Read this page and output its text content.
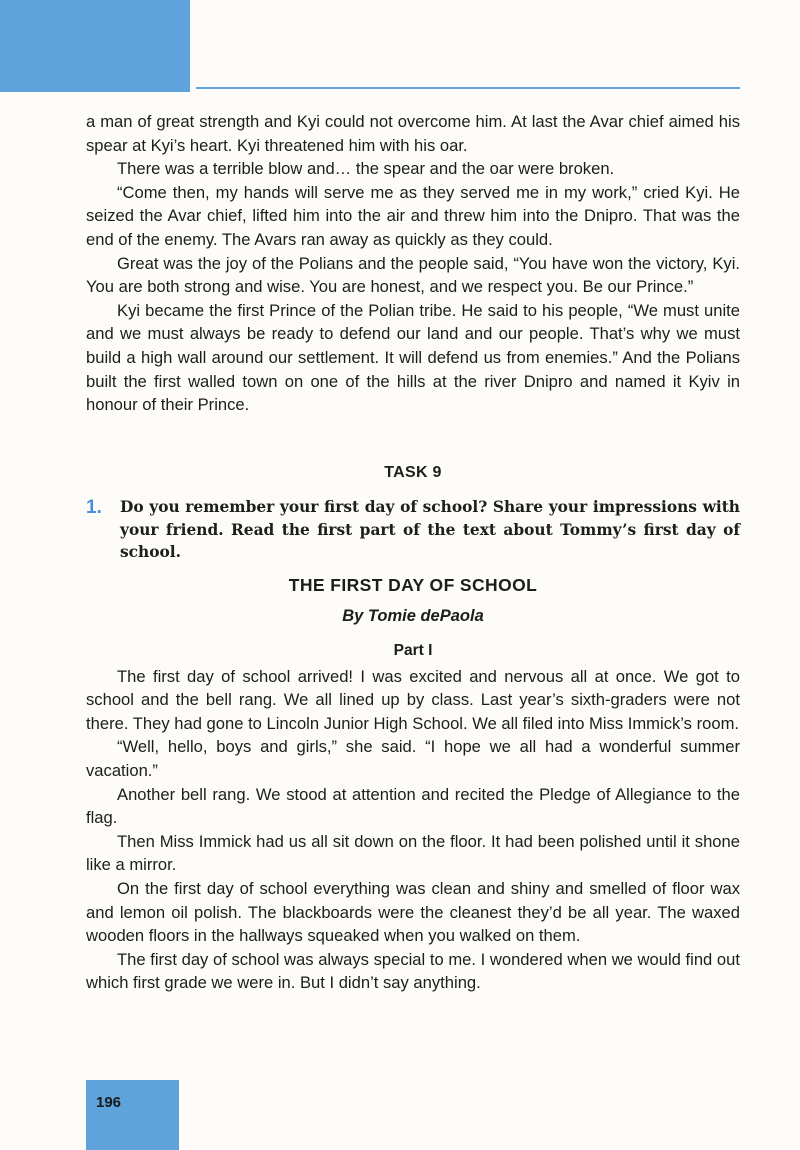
a man of great strength and Kyi could not overcome him. At last the Avar chief aimed his spear at Kyi’s heart. Kyi threatened him with his oar.

There was a terrible blow and… the spear and the oar were broken.

“Come then, my hands will serve me as they served me in my work,” cried Kyi. He seized the Avar chief, lifted him into the air and threw him into the Dnipro. That was the end of the enemy. The Avars ran away as quickly as they could.

Great was the joy of the Polians and the people said, “You have won the victory, Kyi. You are both strong and wise. You are honest, and we respect you. Be our Prince.”

Kyi became the first Prince of the Polian tribe. He said to his people, “We must unite and we must always be ready to defend our land and our people. That’s why we must build a high wall around our settlement. It will defend us from enemies.” And the Polians built the first walled town on one of the hills at the river Dnipro and named it Kyiv in honour of their Prince.

TASK 9
1. Do you remember your first day of school? Share your impressions with your friend. Read the first part of the text about Tommy’s first day of school.

THE FIRST DAY OF SCHOOL
By Tomie dePaola
Part I

The first day of school arrived! I was excited and nervous all at once. We got to school and the bell rang. We all lined up by class. Last year’s sixth-graders were not there. They had gone to Lincoln Junior High School. We all filed into Miss Immick’s room.

“Well, hello, boys and girls,” she said. “I hope we all had a wonderful summer vacation.”

Another bell rang. We stood at attention and recited the Pledge of Allegiance to the flag.

Then Miss Immick had us all sit down on the floor. It had been polished until it shone like a mirror.

On the first day of school everything was clean and shiny and smelled of floor wax and lemon oil polish. The blackboards were the cleanest they’d be all year. The waxed wooden floors in the hallways squeaked when you walked on them.

The first day of school was always special to me. I wondered when we would find out which first grade we were in. But I didn’t say anything.

196
